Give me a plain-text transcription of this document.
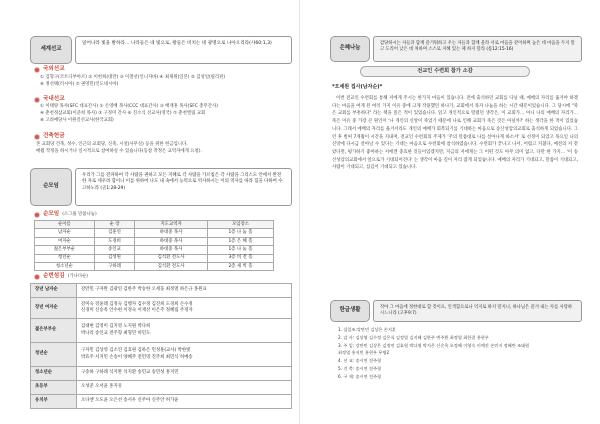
세계선교
일어나라 빛을 발하라… 나라들은 네 빛으로, 왕들은 비치는 네 광명으로 나아오리라(사60:1,3)
국외선교
① 김형구(코트디부아르) ② 이헌희(대만) ③ 이철선(인니자바) ④ 최제원(일본) ⑤ 김성일(필리핀)
⑥ 정선택(러시아) ⑦ 권영민(인도네시아)
국내선교
① 이태양 목사(SFC 대표간사) ② 손영배 목사(CCC 대표간사) ③ 배재홍 목사(SFC 총무간사)
④ 춘천정삼교회(이준희 목사) ⑤ 구정미 간사 ⑥ 진소식 선교사(영국) ⑦ 춘천엘림 교회
⑧ 고려예당사 이원길선교사(한국교회)
건축헌금
본 교회당 건축, 성수, 인근의 교회당, 신축, 시설(사무실) 등을 위한 헌금입니다.
매월 작정을 하시거나 일시적으로 참여하실 수 있습니다(동참 작정은 교역자에게 요청).
순모임
우리가 그를 전파하여 각 사람을 권하고 모든 지혜로 각 사람을 가르침은 각 사람을 그리스도 안에서 완전한 자로 세우려 함이니 이를 위하여 나도 내 속에서 능력으로 역사하시는 이의 역사를 따라 힘을 다하여 수고하노라 (골1:28-29)
순모임 (소그룹 말씀나눔)
순이름	순 장	지도교역자	모임장소
남자순	김훈연	하대중 목사	1층 나 눔 홀
여자순	도경희	하대중 목사	1층 은 혜 홀
젊은부부순	송인교	하대중 목사	1층 나 눔 홀
청년순	김성원	김석환 전도사	3층 비 전 홀
청소년순	구하례	김석환 전도사	2층 새 벽 홀
순번섬김 (가나다순)
장년 남자순	강만민 구자완 김광연 김한주 박승한 오세웅 최정열 하은규 홍원표
장년 여자순	강미숙 강윤례 김정숙 김행자 김수정 김진희 도경희 손수정
신경미 신승옥 안수현 이경숙 이재선 이은주 정혜림 주정자
젊은부부순	김대현 김영미 김지영 노지원 박다희
박나리 송인교 전주형 최형민 허민도
청년순	구자민 김상영 김소연 김효원 김하은 민성훈(교사) 박한빛
박효주 서지민 손송이 양혜주 전민영 진주희 최민식 허예송
청소년순	구송하 구하례 석지완 석지환 송민교 송민성 홍지민
초등부	오성준 오서윤 홍지유
유치부	오다엔 오도윤 오은선 송서우 신주아 신주안 허가윤
은혜나눔
감당하시는 자들과 함께 즐거워하고 우는 자들과 함께 울라 서로 마음을 같이하며 높은 데 마음을 두지 말고 도리어 낮은 데 처하며 스스로 지혜 있는 체 하지 말라 (롬12:15-16)
전교인 수련회 참가 소감
*오세원 집사(남자순)*

이번 전교인 수련회를 통해 저에게 주시는 한가지 마음이 있습니다. 전에 출석하던 교회를 다닐 때, 예배의 자리를 옮겨야 하겠다는 마음을 여게 된 여러 가지 이유 중에 크게 작용했던 하나가, 교회에서 목자 나눔을 하는 시간 때문이었습니다. 그 당시에 "죽은 교회를 부흥하다" 라는 책을 읽은 적이 있었습니다. 읽고 개인적으로 떨렸던 생각은, 이 교회가… 아니 나의 예배의 자리가… 죽은 이유 중 가장 큰 원인이 '나 개인의 신앙이 죽었기 때문에 나로 인해 교회가 죽은 것은 아닐까?' 하는 생각을 한 적이 있었습니다. 그래서 예배의 자리를 옮겨서라도 개인의 예배가 회복되기를 기대하는 마음으로 송산성암의교회로 출석하게 되었습니다. 그런 후 벌써 7개월이 시간을 지내며, 전교인 수련회의 주제가 '주의 말씀대로 나를 살아나게 하소서' 로 선정이 되었고 목요일 나의 신앙에 다시금 살아날 수 있다는 기대는 마음으로 수련회에 참석하였습니다. 수련회가 끝나고 나서, 어렵고 지쳤다, 예전의 저 같았다면, 평가하기 좋아하는 저에겐 충효한 것들이었겠지만, 지금의 저에게는 그 어떤 것도 아무 의미 없고, 다만 한 가지… '이 송산성암의교회에서 앞으로가 기대되어진다' 는 생각이 마음 깊이 자리 잡게 되었습니다. 예배의 자리가 기대되고, 말씀이 기대되고, 사람이 기대되고, 섬김이 기대되고 있습니다.

한글생활	작아 그 마음에 정한대로 할 것이요, 인색함으로나 억지로 하지 말지니, 하나님은 즐겨 내는 자를 사랑하시느니라 (고후9:7)
1. 십일조:강만민 김상은 손지훈
2. 감 사: 김상영 김수정 김은식 김정열 김지혜 김한주 변주환 최정열 최한결 홍현우
3. 주 일: 강만민 김상은 김정연 김효원 박다영 박지은 신순옥 오정혜 이영숙 이예진 손민지 정혜란 조태원
최정열 홍지민 홍현우 무명2
4. 선 교: 송시연 전주형
5. 건 축: 송시연 전주형
6. 구 제: 송시연 전주형
